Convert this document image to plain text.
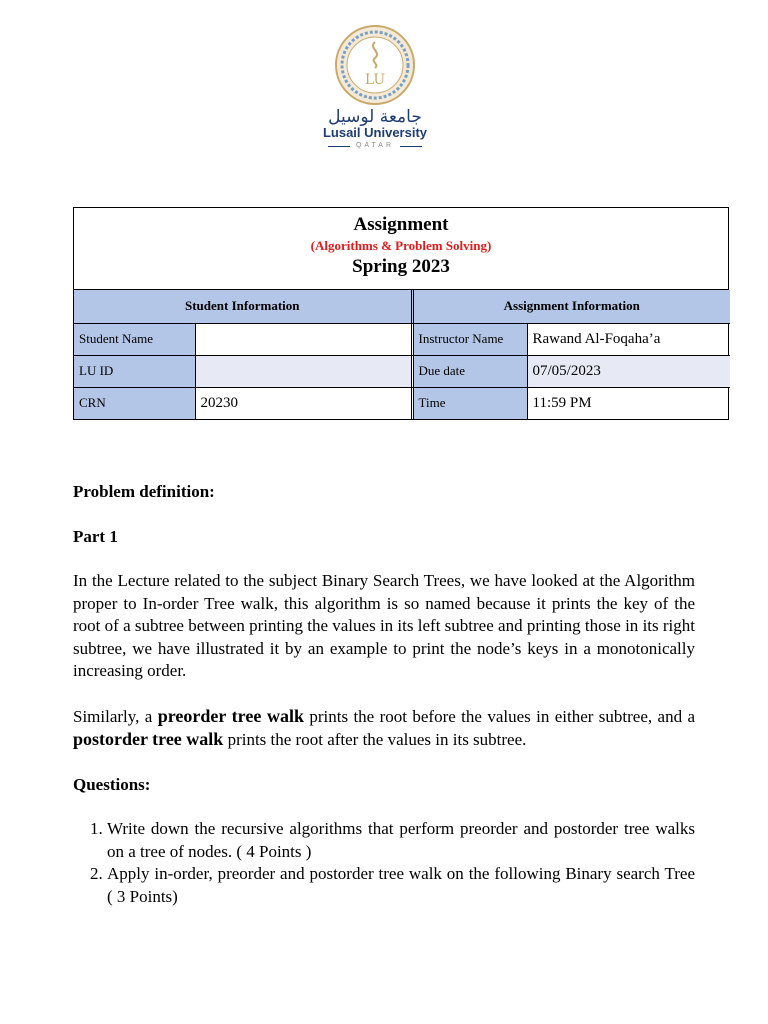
LU
جامعة لوسيل
Lusail University
QATAR
Assignment
(Algorithms & Problem Solving)
Spring 2023
Student Information			Assignment Information	
Student Name			Instructor Name	Rawand Al-Foqaha’a
LU ID			Due date	07/05/2023
CRN	20230		Time	11:59 PM

Problem definition:

Part 1

In the Lecture related to the subject Binary Search Trees, we have looked at the Algorithm proper to In-order Tree walk, this algorithm is so named because it prints the key of the root of a subtree between printing the values in its left subtree and printing those in its right subtree, we have illustrated it by an example to print the node’s keys in a monotonically increasing order.

Similarly, a preorder tree walk prints the root before the values in either subtree, and a postorder tree walk prints the root after the values in its subtree.

Questions:

1. Write down the recursive algorithms that perform preorder and postorder tree walks on a tree of nodes. ( 4 Points )
2. Apply in-order, preorder and postorder tree walk on the following Binary search Tree ( 3 Points)
